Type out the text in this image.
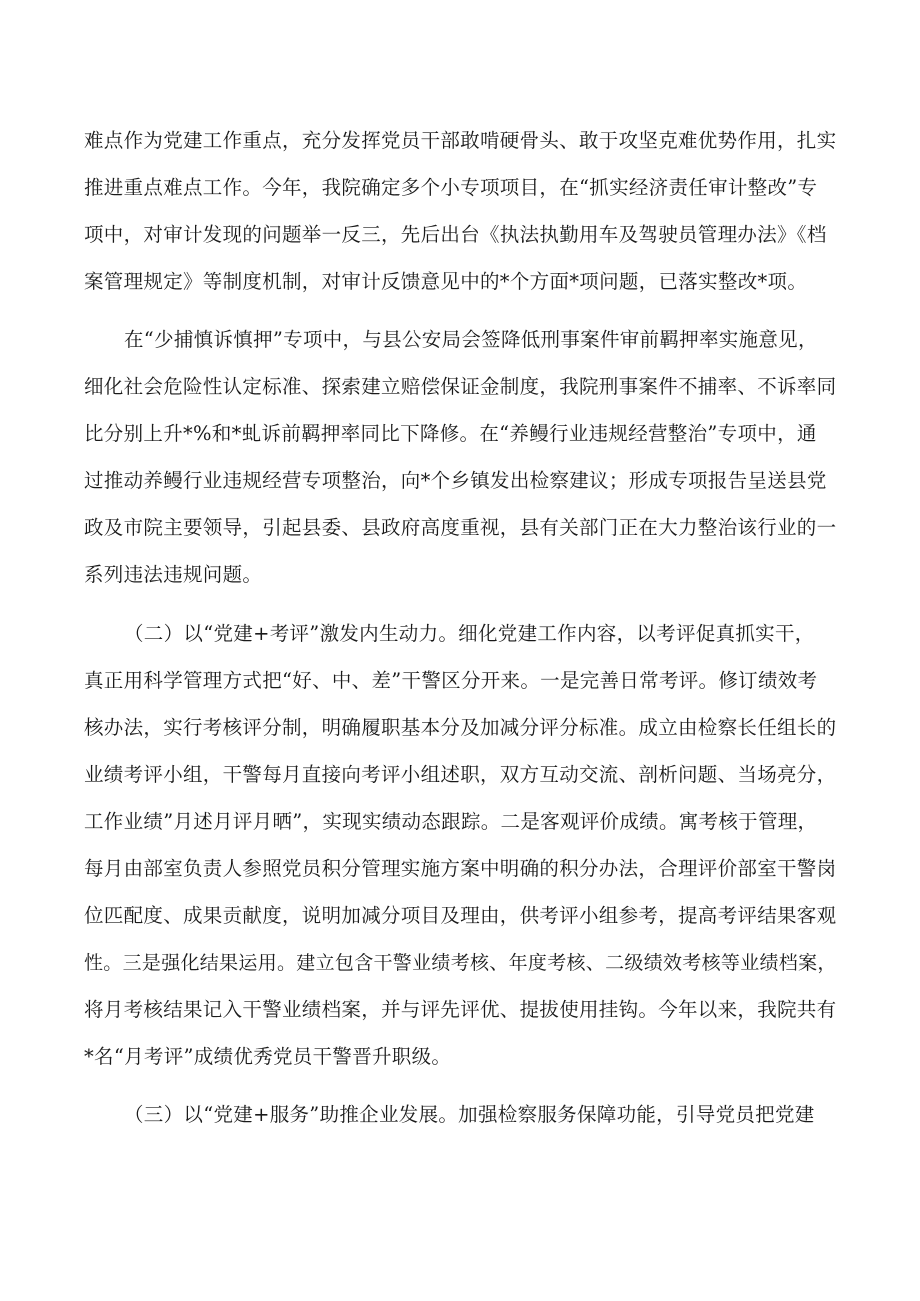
难点作为党建工作重点，充分发挥党员干部敢啃硬骨头、敢于攻坚克难优势作用，扎实
推进重点难点工作。今年，我院确定多个小专项项目，在“抓实经济责任审计整改”专
项中，对审计发现的问题举一反三，先后出台《执法执勤用车及驾驶员管理办法》《档
案管理规定》等制度机制，对审计反馈意见中的*个方面*项问题，已落实整改*项。
在“少捕慎诉慎押”专项中，与县公安局会签降低刑事案件审前羁押率实施意见，
细化社会危险性认定标准、探索建立赔偿保证金制度，我院刑事案件不捕率、不诉率同
比分别上升*%和*虬诉前羁押率同比下降修。在“养鳗行业违规经营整治”专项中，通
过推动养鳗行业违规经营专项整治，向*个乡镇发出检察建议；形成专项报告呈送县党
政及市院主要领导，引起县委、县政府高度重视，县有关部门正在大力整治该行业的一
系列违法违规问题。
（二）以“党建+考评”激发内生动力。细化党建工作内容，以考评促真抓实干，
真正用科学管理方式把“好、中、差”干警区分开来。一是完善日常考评。修订绩效考
核办法，实行考核评分制，明确履职基本分及加减分评分标准。成立由检察长任组长的
业绩考评小组，干警每月直接向考评小组述职，双方互动交流、剖析问题、当场亮分，
工作业绩”月述月评月晒”，实现实绩动态跟踪。二是客观评价成绩。寓考核于管理，
每月由部室负责人参照党员积分管理实施方案中明确的积分办法，合理评价部室干警岗
位匹配度、成果贡献度，说明加减分项目及理由，供考评小组参考，提高考评结果客观
性。三是强化结果运用。建立包含干警业绩考核、年度考核、二级绩效考核等业绩档案，
将月考核结果记入干警业绩档案，并与评先评优、提拔使用挂钩。今年以来，我院共有
*名“月考评”成绩优秀党员干警晋升职级。
（三）以“党建+服务”助推企业发展。加强检察服务保障功能，引导党员把党建
